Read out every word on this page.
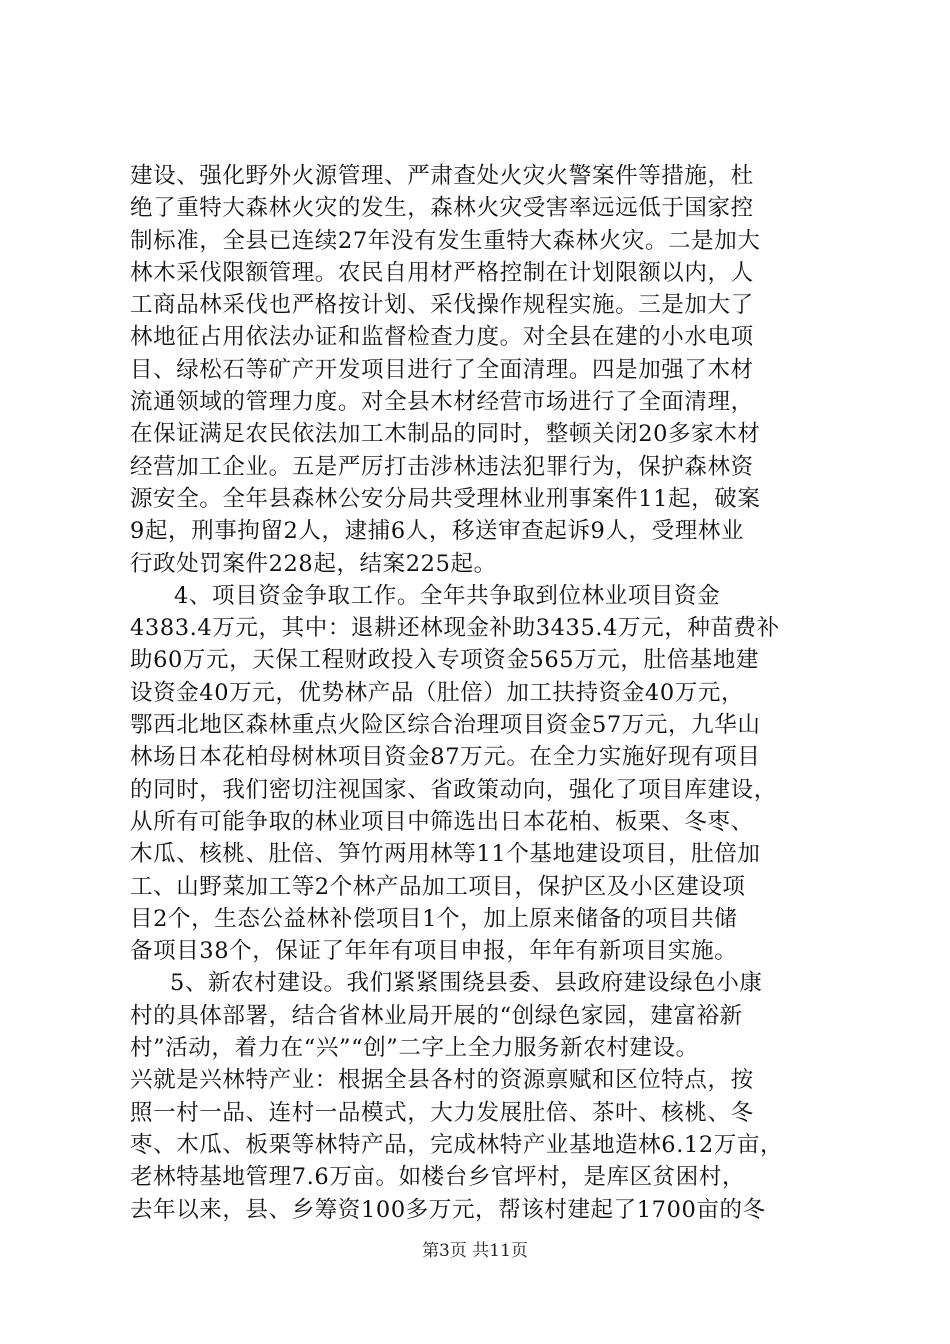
建设、强化野外火源管理、严肃查处火灾火警案件等措施，杜
绝了重特大森林火灾的发生，森林火灾受害率远远低于国家控
制标准，全县已连续27年没有发生重特大森林火灾。二是加大
林木采伐限额管理。农民自用材严格控制在计划限额以内，人
工商品林采伐也严格按计划、采伐操作规程实施。三是加大了
林地征占用依法办证和监督检查力度。对全县在建的小水电项
目、绿松石等矿产开发项目进行了全面清理。四是加强了木材
流通领域的管理力度。对全县木材经营市场进行了全面清理，
在保证满足农民依法加工木制品的同时，整顿关闭20多家木材
经营加工企业。五是严厉打击涉林违法犯罪行为，保护森林资
源安全。全年县森林公安分局共受理林业刑事案件11起，破案
9起，刑事拘留2人，逮捕6人，移送审查起诉9人，受理林业
行政处罚案件228起，结案225起。
4、项目资金争取工作。全年共争取到位林业项目资金
4383.4万元，其中：退耕还林现金补助3435.4万元，种苗费补
助60万元，天保工程财政投入专项资金565万元，肚倍基地建
设资金40万元，优势林产品（肚倍）加工扶持资金40万元，
鄂西北地区森林重点火险区综合治理项目资金57万元，九华山
林场日本花柏母树林项目资金87万元。在全力实施好现有项目
的同时，我们密切注视国家、省政策动向，强化了项目库建设，
从所有可能争取的林业项目中筛选出日本花柏、板栗、冬枣、
木瓜、核桃、肚倍、笋竹两用林等11个基地建设项目，肚倍加
工、山野菜加工等2个林产品加工项目，保护区及小区建设项
目2个，生态公益林补偿项目1个，加上原来储备的项目共储
备项目38个，保证了年年有项目申报，年年有新项目实施。
5、新农村建设。我们紧紧围绕县委、县政府建设绿色小康
村的具体部署，结合省林业局开展的“创绿色家园，建富裕新
村”活动，着力在“兴”“创”二字上全力服务新农村建设。
兴就是兴林特产业：根据全县各村的资源禀赋和区位特点，按
照一村一品、连村一品模式，大力发展肚倍、茶叶、核桃、冬
枣、木瓜、板栗等林特产品，完成林特产业基地造林6.12万亩，
老林特基地管理7.6万亩。如楼台乡官坪村，是库区贫困村，
去年以来，县、乡筹资100多万元，帮该村建起了1700亩的冬
第3页 共11页
